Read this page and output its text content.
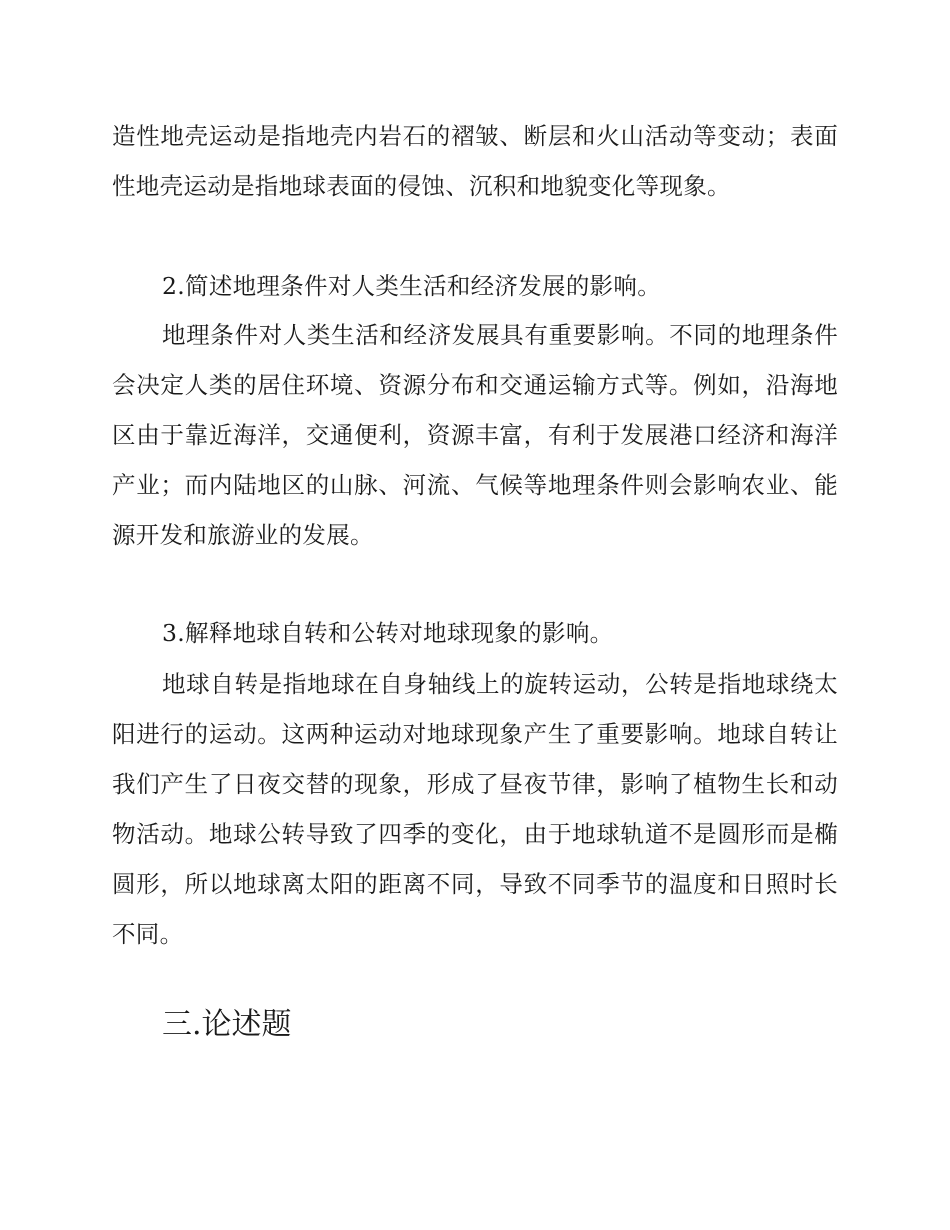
造性地壳运动是指地壳内岩石的褶皱、断层和火山活动等变动；表面性地壳运动是指地球表面的侵蚀、沉积和地貌变化等现象。

2.简述地理条件对人类生活和经济发展的影响。

地理条件对人类生活和经济发展具有重要影响。不同的地理条件会决定人类的居住环境、资源分布和交通运输方式等。例如，沿海地区由于靠近海洋，交通便利，资源丰富，有利于发展港口经济和海洋产业；而内陆地区的山脉、河流、气候等地理条件则会影响农业、能源开发和旅游业的发展。

3.解释地球自转和公转对地球现象的影响。

地球自转是指地球在自身轴线上的旋转运动，公转是指地球绕太阳进行的运动。这两种运动对地球现象产生了重要影响。地球自转让我们产生了日夜交替的现象，形成了昼夜节律，影响了植物生长和动物活动。地球公转导致了四季的变化，由于地球轨道不是圆形而是椭圆形，所以地球离太阳的距离不同，导致不同季节的温度和日照时长不同。

三.论述题
